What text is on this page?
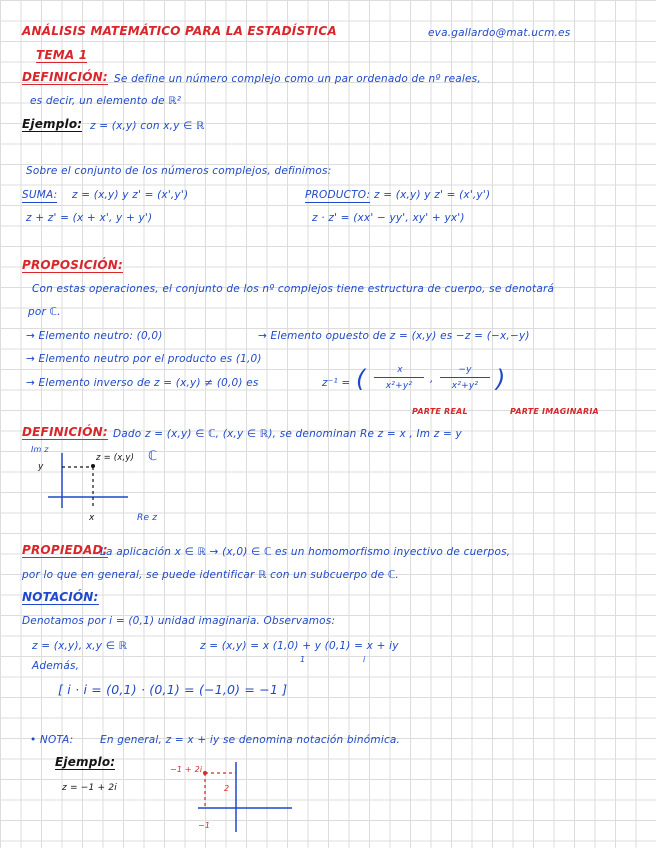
ANÁLISIS MATEMÁTICO PARA LA ESTADÍSTICA	eva.gallardo@mat.ucm.es
TEMA 1
DEFINICIÓN: Se define un número complejo como un par ordenado de nº reales,
es decir, un elemento de ℝ²
Ejemplo: z = (x,y) con x,y ∈ ℝ
Sobre el conjunto de los números complejos, definimos:
SUMA: z = (x,y) y z' = (x',y')
z + z' = (x + x', y + y')
PRODUCTO: z = (x,y) y z' = (x',y')
z · z' = (xx' − yy', xy' + yx')
PROPOSICIÓN:
Con estas operaciones, el conjunto de los nº complejos tiene estructura de cuerpo, se denotará
por ℂ.
→ Elemento neutro: (0,0)	→ Elemento opuesto de z = (x,y) es −z = (−x,−y)
→ Elemento neutro por el producto es (1,0)
→ Elemento inverso de z = (x,y) ≠ (0,0) es	z⁻¹ = (	x
x²+y²
,
−y
x²+y² )
PARTE REAL	PARTE IMAGINARIA
DEFINICIÓN: Dado z = (x,y) ∈ ℂ, (x,y ∈ ℝ), se denominan Re z = x , Im z = y
Im z
z = (x,y) ℂ
y
x	Re z
PROPIEDAD:
La aplicación x ∈ ℝ → (x,0) ∈ ℂ es un homomorfismo inyectivo de cuerpos,
por lo que en general, se puede identificar ℝ con un subcuerpo de ℂ.
NOTACIÓN:
Denotamos por i = (0,1) unidad imaginaria. Observamos:
z = (x,y), x,y ∈ ℝ	z = (x,y) = x (1,0) + y (0,1) = x + iy
1	i
Además,
[ i · i = (0,1) · (0,1) = (−1,0) = −1 ]
• NOTA:	En general, z = x + iy se denomina notación binómica.
Ejemplo:
z = −1 + 2i
−1 + 2i
2
−1
